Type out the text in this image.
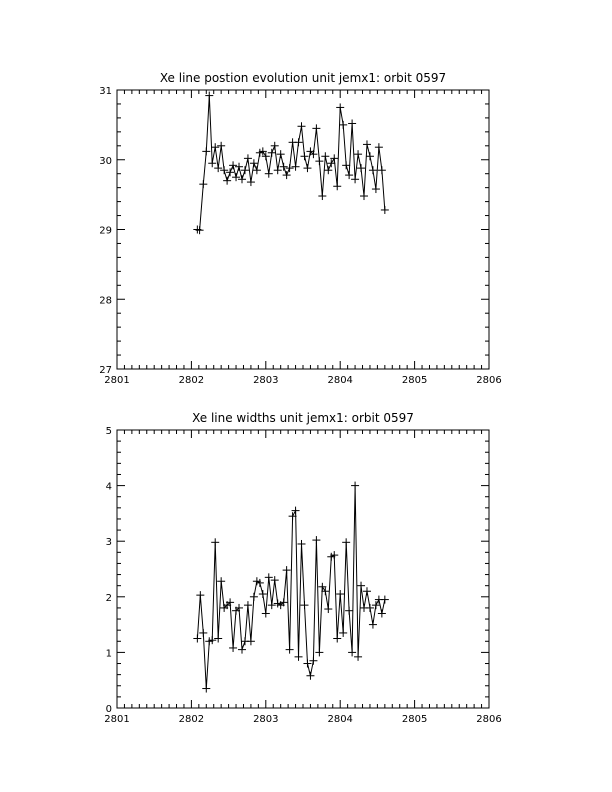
Xe line postion evolution unit jemx1: orbit 0597
2801	2802	2803	2804	2805	2806
27
28
29
30
31
Xe line widths unit jemx1: orbit 0597
2801	2802	2803	2804	2805	2806
0
1
2
3
4
5
